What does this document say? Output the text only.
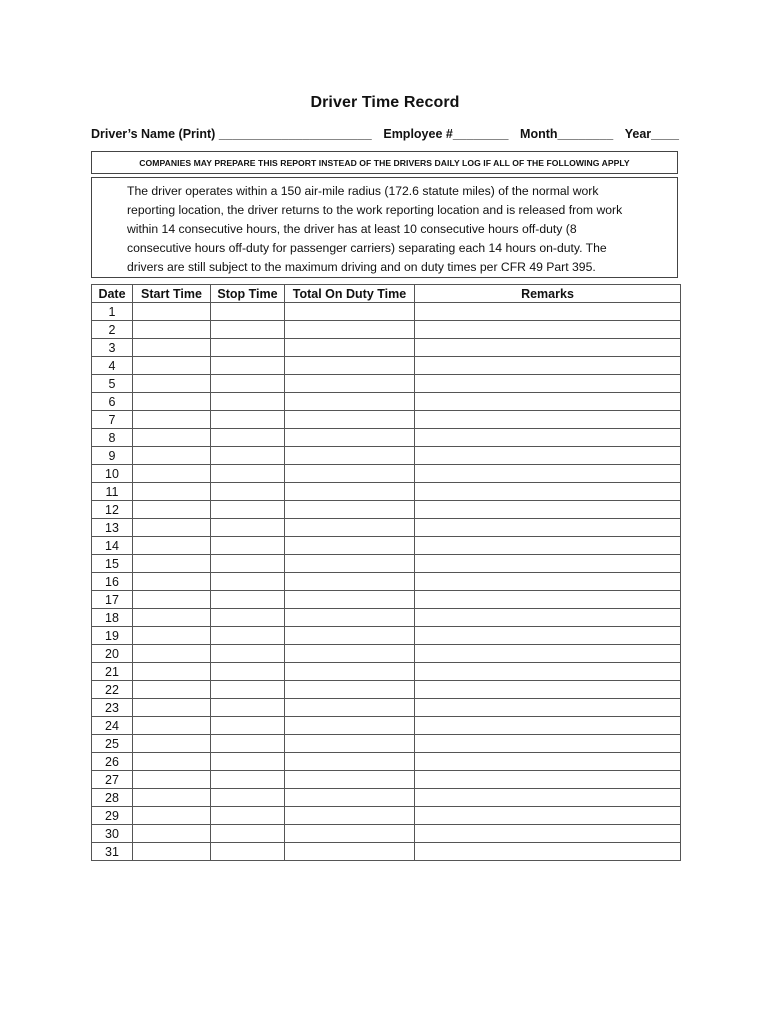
Driver Time Record
Driver’s Name (Print) ______________________ Employee #________ Month________ Year____
COMPANIES MAY PREPARE THIS REPORT INSTEAD OF THE DRIVERS DAILY LOG IF ALL OF THE FOLLOWING APPLY
The driver operates within a 150 air-mile radius (172.6 statute miles) of the normal work
reporting location, the driver returns to the work reporting location and is released from work
within 14 consecutive hours, the driver has at least 10 consecutive hours off-duty (8
consecutive hours off-duty for passenger carriers) separating each 14 hours on-duty. The
drivers are still subject to the maximum driving and on duty times per CFR 49 Part 395.
Date	Start Time	Stop Time	Total On Duty Time	Remarks
1				
2				
3				
4				
5				
6				
7				
8				
9				
10				
11				
12				
13				
14				
15				
16				
17				
18				
19				
20				
21				
22				
23				
24				
25				
26				
27				
28				
29				
30				
31				
